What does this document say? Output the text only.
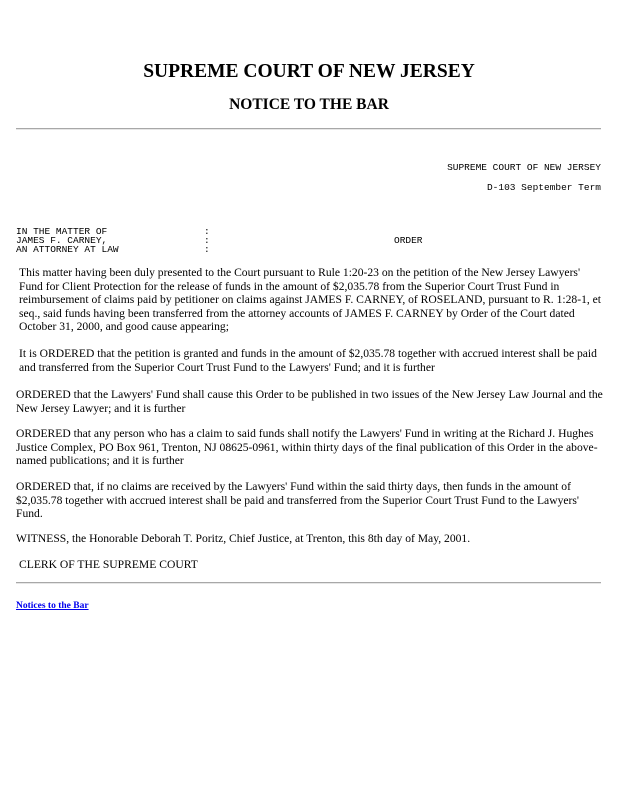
SUPREME COURT OF NEW JERSEY
NOTICE TO THE BAR
SUPREME COURT OF NEW JERSEY
D-103 September Term
IN THE MATTER OF
JAMES F. CARNEY,
AN ATTORNEY AT LAW
:
:
:
ORDER

This matter having been duly presented to the Court pursuant to Rule 1:20-23 on the petition of the New Jersey Lawyers' Fund for Client Protection for the release of funds in the amount of $2,035.78 from the Superior Court Trust Fund in reimbursement of claims paid by petitioner on claims against JAMES F. CARNEY, of ROSELAND, pursuant to R. 1:28-1, et seq., said funds having been transferred from the attorney accounts of JAMES F. CARNEY by Order of the Court dated October 31, 2000, and good cause appearing;

It is ORDERED that the petition is granted and funds in the amount of $2,035.78 together with accrued interest shall be paid and transferred from the Superior Court Trust Fund to the Lawyers' Fund; and it is further

ORDERED that the Lawyers' Fund shall cause this Order to be published in two issues of the New Jersey Law Journal and the New Jersey Lawyer; and it is further

ORDERED that any person who has a claim to said funds shall notify the Lawyers' Fund in writing at the Richard J. Hughes Justice Complex, PO Box 961, Trenton, NJ 08625-0961, within thirty days of the final publication of this Order in the above-named publications; and it is further

ORDERED that, if no claims are received by the Lawyers' Fund within the said thirty days, then funds in the amount of $2,035.78 together with accrued interest shall be paid and transferred from the Superior Court Trust Fund to the Lawyers' Fund.

WITNESS, the Honorable Deborah T. Poritz, Chief Justice, at Trenton, this 8th day of May, 2001.

CLERK OF THE SUPREME COURT

Notices to the Bar
